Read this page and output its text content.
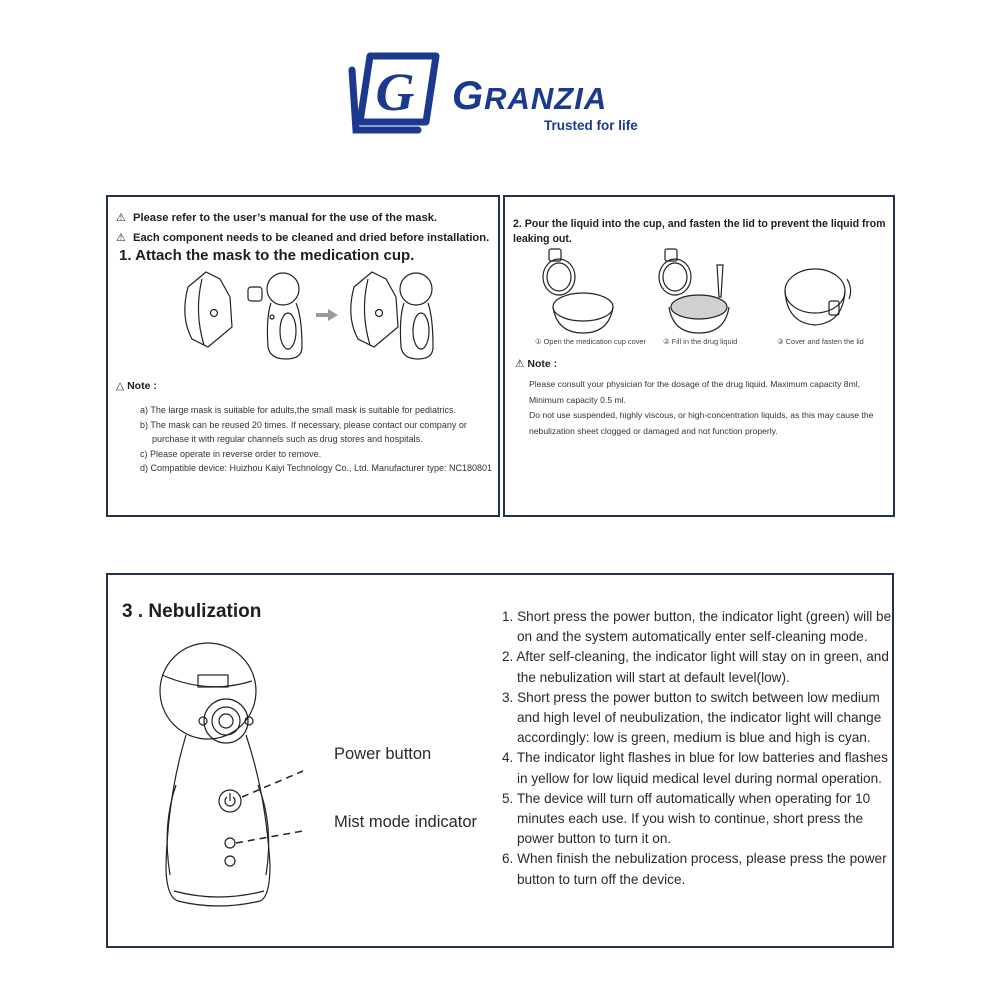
G GRANZIA
Trusted for life
⚠ Please refer to the user’s manual for the use of the mask.
⚠ Each component needs to be cleaned and dried before installation.
1. Attach the mask to the medication cup.
△ Note :
a) The large mask is suitable for adults,the small mask is suitable for pediatrics.
b) The mask can be reused 20 times. If necessary, please contact our company or purchase it with regular channels such as drug stores and hospitals.
c) Please operate in reverse order to remove.
d) Compatible device: Huizhou Kaiyi Technology Co., Ltd. Manufacturer type: NC180801
2. Pour the liquid into the cup, and fasten the lid to prevent the liquid from leaking out.
① Open the medication cup cover ② Fill in the drug liquid	③ Cover and fasten the lid
⚠ Note :
Please consult your physician for the dosage of the drug liquid. Maximum capacity 8ml, Minimum capacity 0.5 ml.
Do not use suspended, highly viscous, or high-concentration liquids, as this may cause the nebulization sheet clogged or damaged and not function properly.
3 . Nebulization
Power button
Mist mode indicator
1. Short press the power button, the indicator light (green) will be on and the system automatically enter self-cleaning mode.
2. After self-cleaning, the indicator light will stay on in green, and the nebulization will start at default level(low).
3. Short press the power button to switch between low medium and high level of neubulization, the indicator light will change accordingly: low is green, medium is blue and high is cyan.
4. The indicator light flashes in blue for low batteries and flashes in yellow for low liquid medical level during normal operation.
5. The device will turn off automatically when operating for 10 minutes each use. If you wish to continue, short press the power button to turn it on.
6. When finish the nebulization process, please press the power button to turn off the device.
